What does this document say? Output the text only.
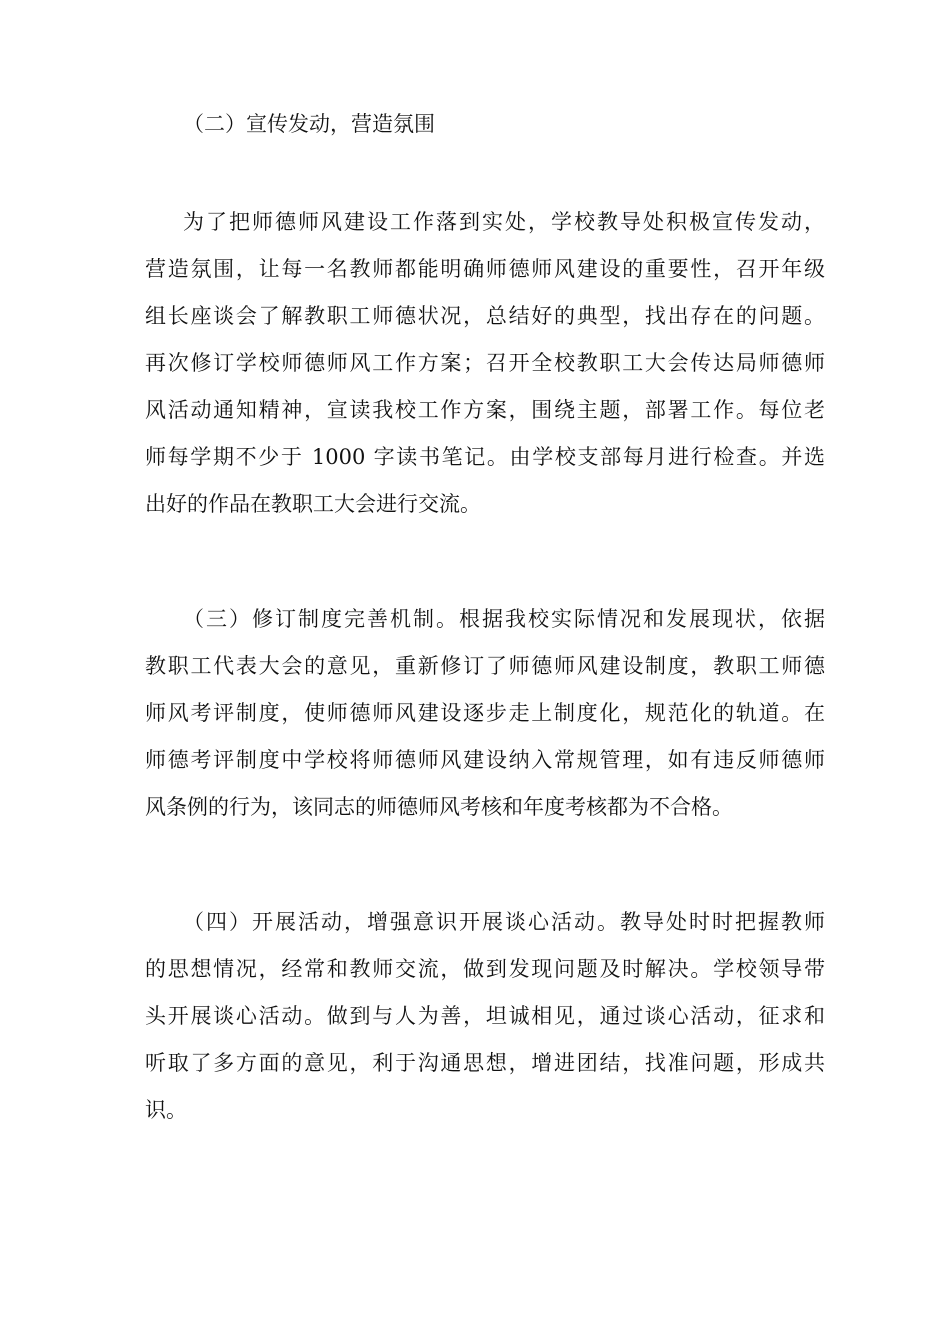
（二）宣传发动，营造氛围
为了把师德师风建设工作落到实处，学校教导处积极宣传发动，
营造氛围，让每一名教师都能明确师德师风建设的重要性，召开年级
组长座谈会了解教职工师德状况，总结好的典型，找出存在的问题。
再次修订学校师德师风工作方案；召开全校教职工大会传达局师德师
风活动通知精神，宣读我校工作方案，围绕主题，部署工作。每位老
师每学期不少于 1000 字读书笔记。由学校支部每月进行检查。并选
出好的作品在教职工大会进行交流。
（三）修订制度完善机制。根据我校实际情况和发展现状，依据
教职工代表大会的意见，重新修订了师德师风建设制度，教职工师德
师风考评制度，使师德师风建设逐步走上制度化，规范化的轨道。在
师德考评制度中学校将师德师风建设纳入常规管理，如有违反师德师
风条例的行为，该同志的师德师风考核和年度考核都为不合格。
（四）开展活动，增强意识开展谈心活动。教导处时时把握教师
的思想情况，经常和教师交流，做到发现问题及时解决。学校领导带
头开展谈心活动。做到与人为善，坦诚相见，通过谈心活动，征求和
听取了多方面的意见，利于沟通思想，增进团结，找准问题，形成共
识。
